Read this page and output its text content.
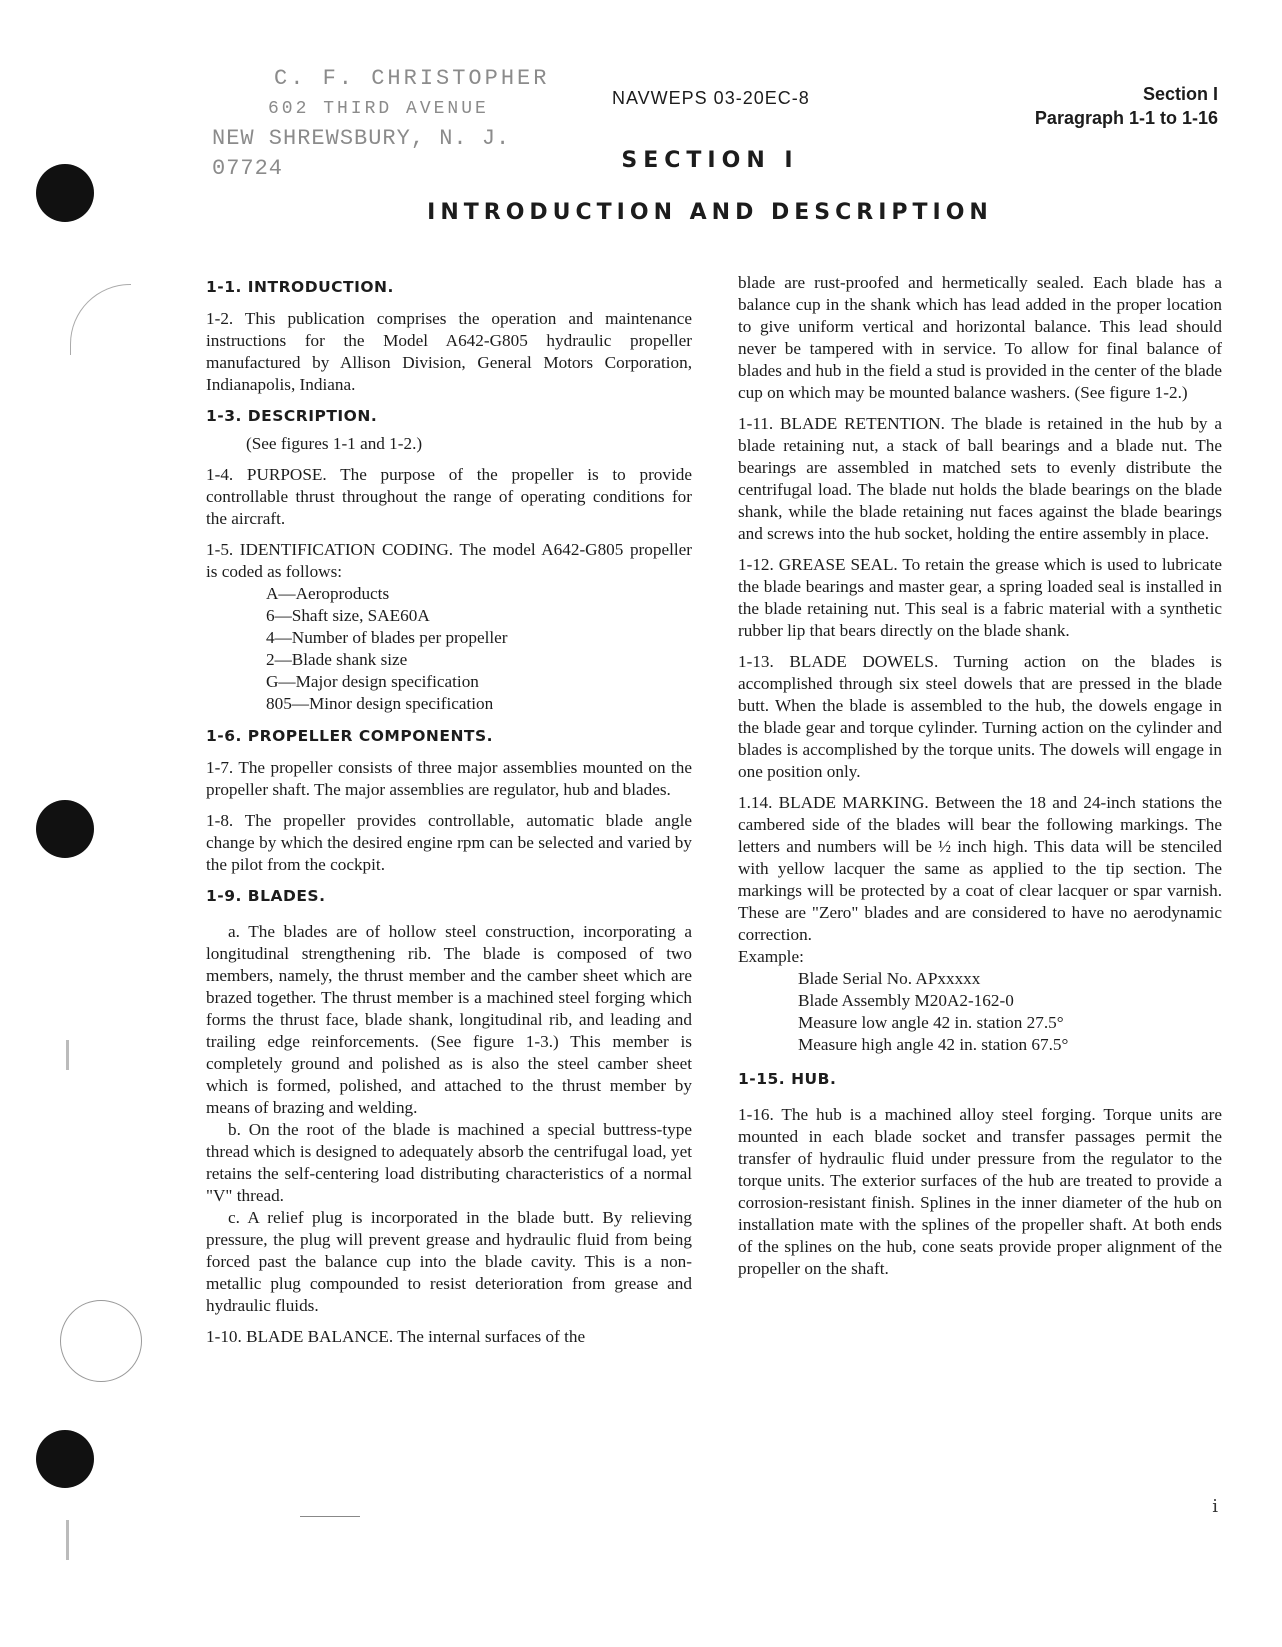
C. F. CHRISTOPHER
602 THIRD AVENUE
NEW SHREWSBURY, N. J. 07724
NAVWEPS 03-20EC-8	Section I
Paragraph 1-1 to 1-16
SECTION I
INTRODUCTION AND DESCRIPTION
1-1. INTRODUCTION.

1-2. This publication comprises the operation and maintenance instructions for the Model A642-G805 hydraulic propeller manufactured by Allison Division, General Motors Corporation, Indianapolis, Indiana.

1-3. DESCRIPTION.

(See figures 1-1 and 1-2.)

1-4. PURPOSE. The purpose of the propeller is to provide controllable thrust throughout the range of operating conditions for the aircraft.

1-5. IDENTIFICATION CODING. The model A642-G805 propeller is coded as follows:

A—Aeroproducts
6—Shaft size, SAE60A
4—Number of blades per propeller
2—Blade shank size
G—Major design specification
805—Minor design specification
1-6. PROPELLER COMPONENTS.

1-7. The propeller consists of three major assemblies mounted on the propeller shaft. The major assemblies are regulator, hub and blades.

1-8. The propeller provides controllable, automatic blade angle change by which the desired engine rpm can be selected and varied by the pilot from the cockpit.

1-9. BLADES.

a. The blades are of hollow steel construction, incorporating a longitudinal strengthening rib. The blade is composed of two members, namely, the thrust member and the camber sheet which are brazed together. The thrust member is a machined steel forging which forms the thrust face, blade shank, longitudinal rib, and leading and trailing edge reinforcements. (See figure 1-3.) This member is completely ground and polished as is also the steel camber sheet which is formed, polished, and attached to the thrust member by means of brazing and welding.

b. On the root of the blade is machined a special buttress-type thread which is designed to adequately absorb the centrifugal load, yet retains the self-centering load distributing characteristics of a normal "V" thread.

c. A relief plug is incorporated in the blade butt. By relieving pressure, the plug will prevent grease and hydraulic fluid from being forced past the balance cup into the blade cavity. This is a non-metallic plug compounded to resist deterioration from grease and hydraulic fluids.

1-10. BLADE BALANCE. The internal surfaces of the

blade are rust-proofed and hermetically sealed. Each blade has a balance cup in the shank which has lead added in the proper location to give uniform vertical and horizontal balance. This lead should never be tampered with in service. To allow for final balance of blades and hub in the field a stud is provided in the center of the blade cup on which may be mounted balance washers. (See figure 1-2.)

1-11. BLADE RETENTION. The blade is retained in the hub by a blade retaining nut, a stack of ball bearings and a blade nut. The bearings are assembled in matched sets to evenly distribute the centrifugal load. The blade nut holds the blade bearings on the blade shank, while the blade retaining nut faces against the blade bearings and screws into the hub socket, holding the entire assembly in place.

1-12. GREASE SEAL. To retain the grease which is used to lubricate the blade bearings and master gear, a spring loaded seal is installed in the blade retaining nut. This seal is a fabric material with a synthetic rubber lip that bears directly on the blade shank.

1-13. BLADE DOWELS. Turning action on the blades is accomplished through six steel dowels that are pressed in the blade butt. When the blade is assembled to the hub, the dowels engage in the blade gear and torque cylinder. Turning action on the cylinder and blades is accomplished by the torque units. The dowels will engage in one position only.

1.14. BLADE MARKING. Between the 18 and 24-inch stations the cambered side of the blades will bear the following markings. The letters and numbers will be ½ inch high. This data will be stenciled with yellow lacquer the same as applied to the tip section. The markings will be protected by a coat of clear lacquer or spar varnish. These are "Zero" blades and are considered to have no aerodynamic correction.

Example:

Blade Serial No. APxxxxx
Blade Assembly M20A2-162-0
Measure low angle 42 in. station 27.5°
Measure high angle 42 in. station 67.5°
1-15. HUB.

1-16. The hub is a machined alloy steel forging. Torque units are mounted in each blade socket and transfer passages permit the transfer of hydraulic fluid under pressure from the regulator to the torque units. The exterior surfaces of the hub are treated to provide a corrosion-resistant finish. Splines in the inner diameter of the hub on installation mate with the splines of the propeller shaft. At both ends of the splines on the hub, cone seats provide proper alignment of the propeller on the shaft.

ⅰ
